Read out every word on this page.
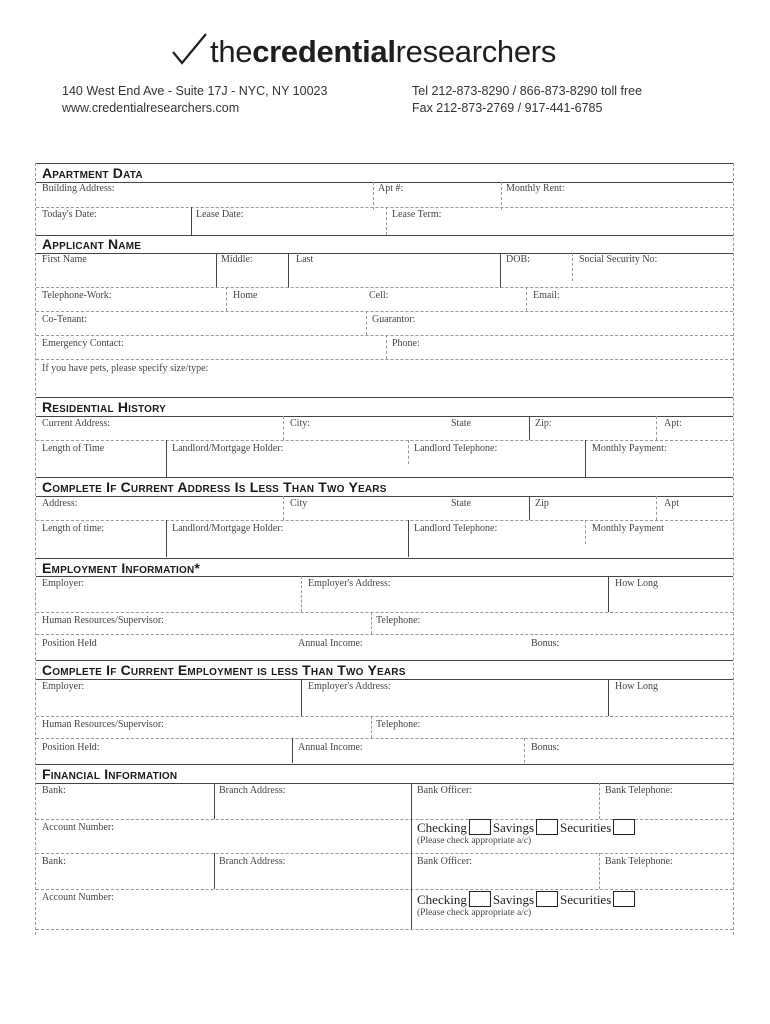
thecredentialresearchers
140 West End Ave - Suite 17J - NYC, NY 10023
www.credentialresearchers.com
Tel 212-873-8290 / 866-873-8290 toll free
Fax 212-873-2769 / 917-441-6785
Apartment Data
Building Address:	Apt #:	Monthly Rent:
Today's Date:	Lease Date:	Lease Term:
Applicant Name
First Name	Middle:	Last	DOB:	Social Security No:
Telephone-Work:	Home	Cell:	Email:
Co-Tenant:	Guarantor:
Emergency Contact:	Phone:
If you have pets, please specify size/type:
Residential History
Current Address:	City:	State	Zip:	Apt:
Length of Time	Landlord/Mortgage Holder:	Landlord Telephone:	Monthly Payment:
Complete If Current Address Is Less Than Two Years
Address:	City	State	Zip	Apt
Length of time:	Landlord/Mortgage Holder:	Landlord Telephone:	Monthly Payment
Employment Information*
Employer:	Employer's Address:	How Long
Human Resources/Supervisor:	Telephone:
Position Held	Annual Income:	Bonus:
Complete If Current Employment is less Than Two Years
Employer:	Employer's Address:	How Long
Human Resources/Supervisor:	Telephone:
Position Held:	Annual Income:	Bonus:
Financial Information
Bank:	Branch Address:	Bank Officer:	Bank Telephone:
Account Number:	Checking Savings Securities
(Please check appropriate a/c)
Bank:	Branch Address:	Bank Officer:	Bank Telephone:
Account Number:	Checking Savings Securities
(Please check appropriate a/c)
